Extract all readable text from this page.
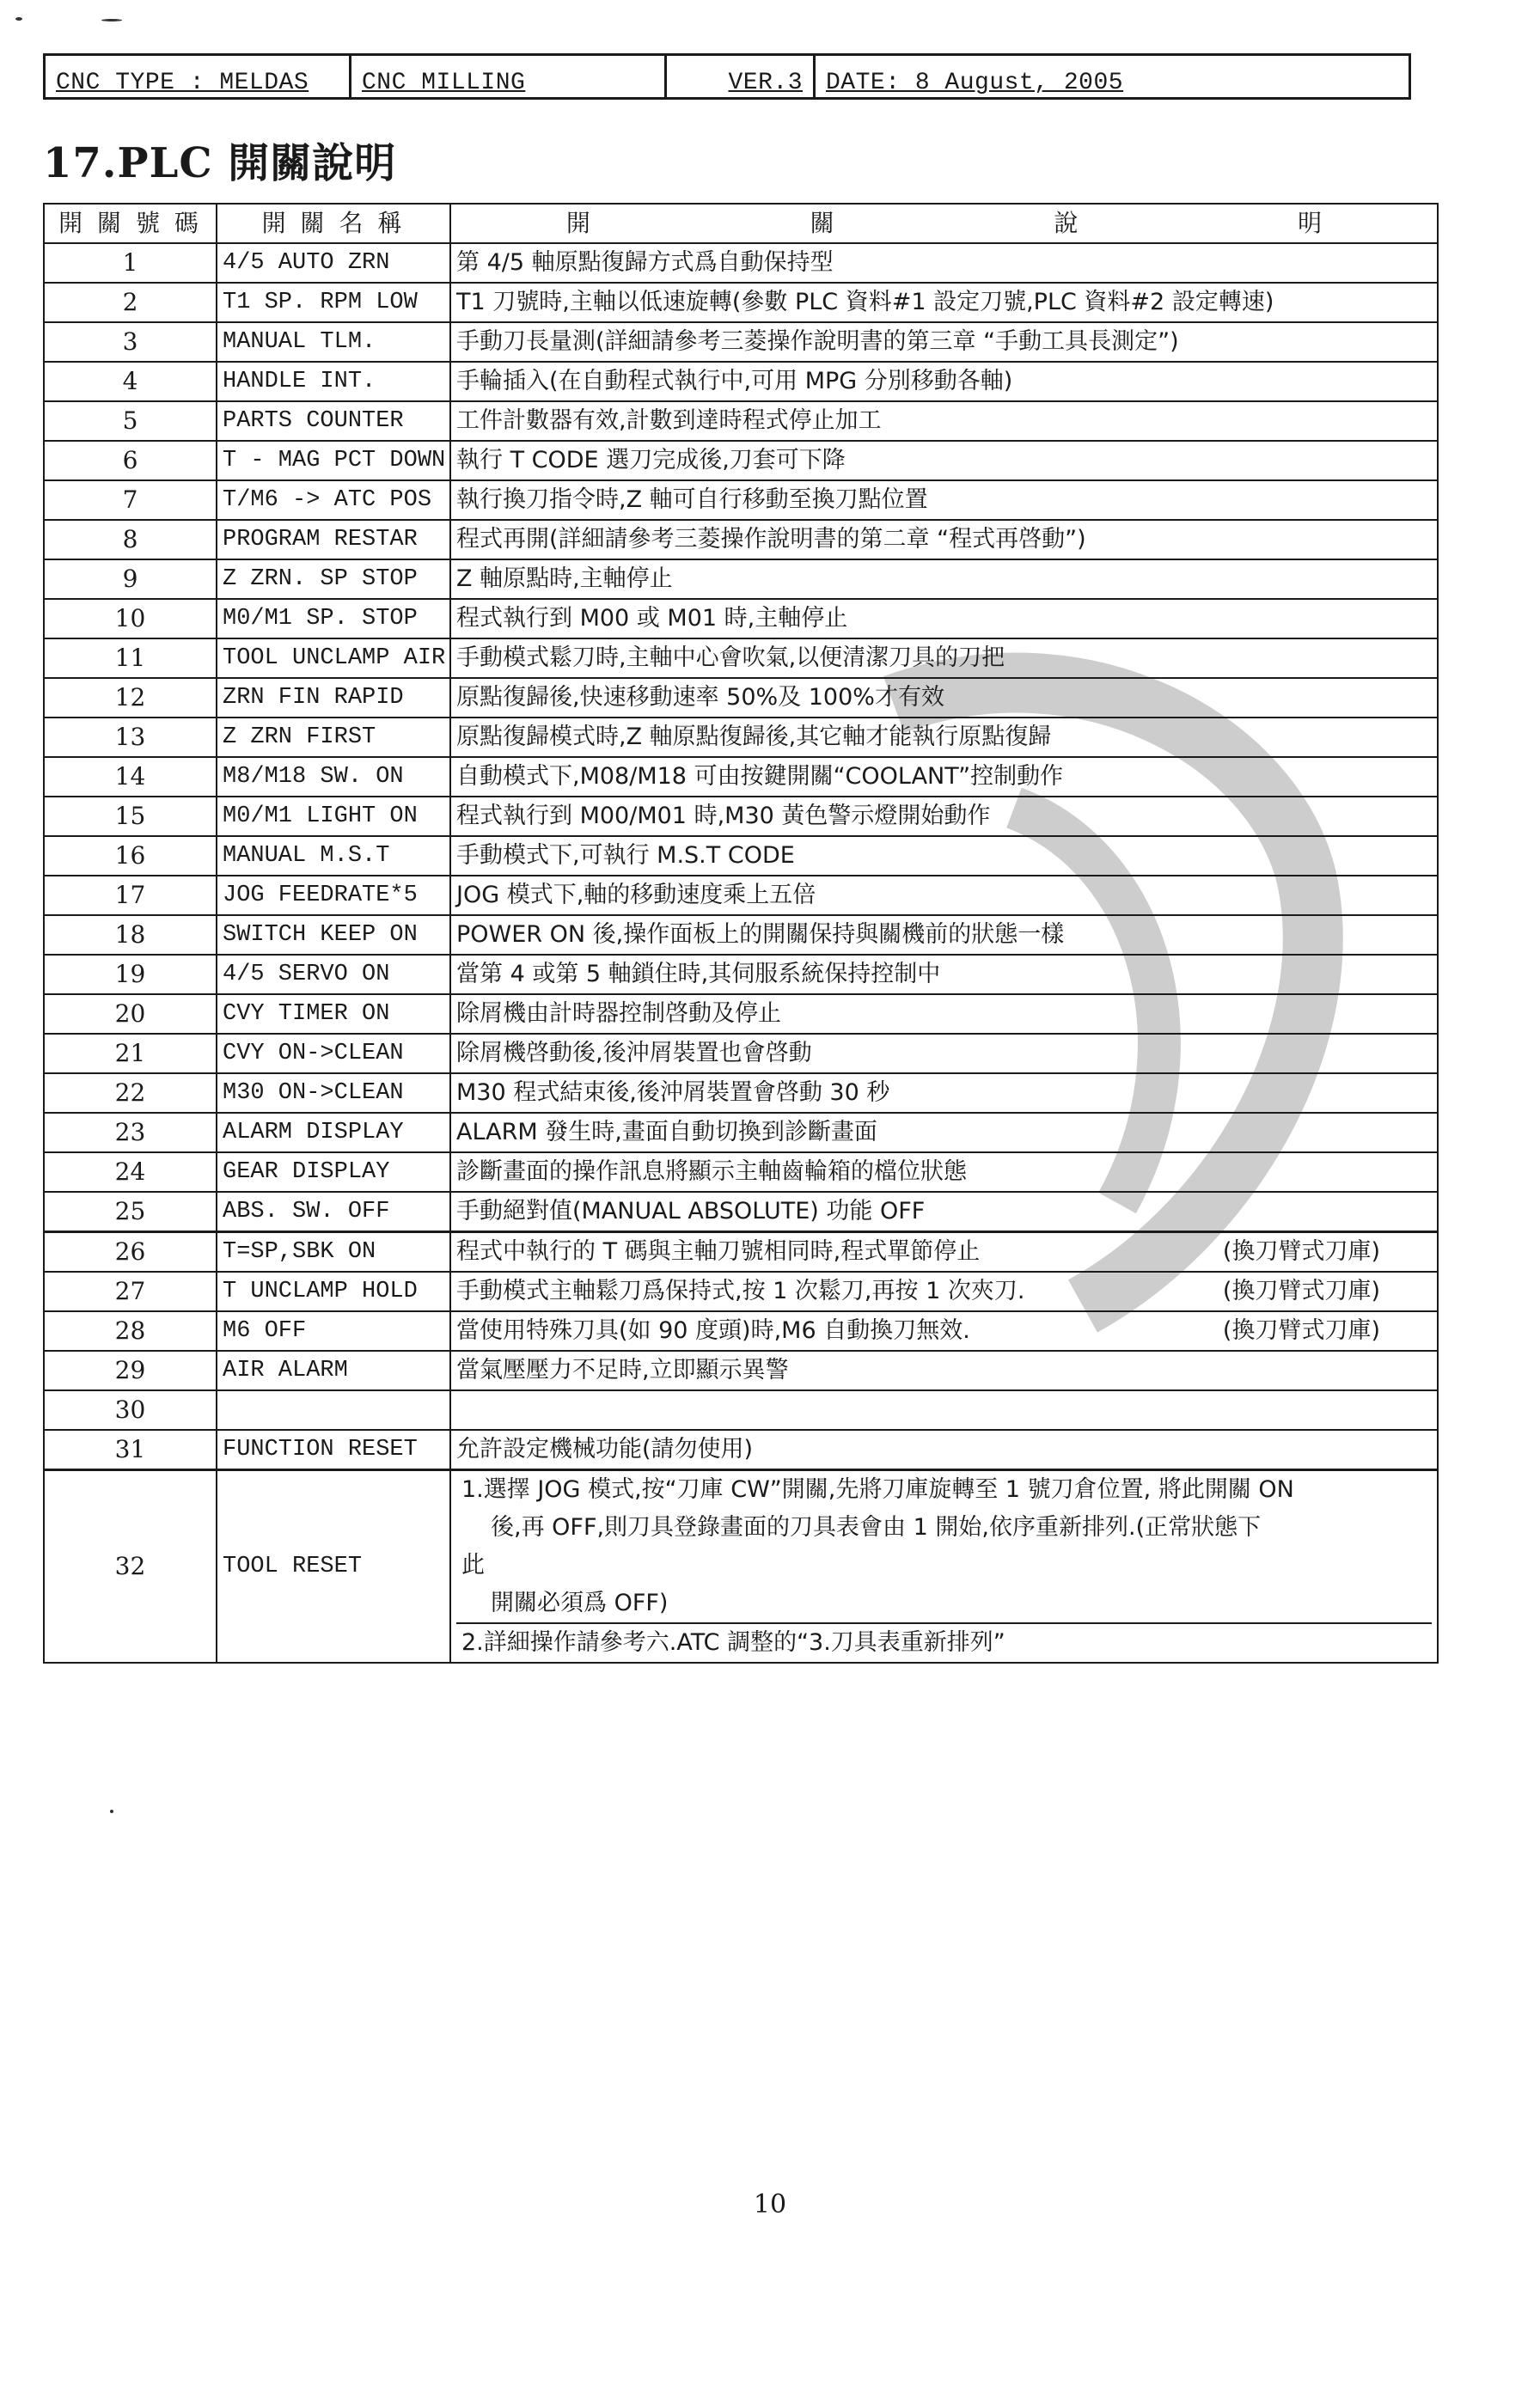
CNC TYPE : MELDAS CNC MILLING	VER.3 DATE: 8 August, 2005
17.PLC 開關說明
開 關 號 碼	開 關 名 稱	開 關 說 明

1	4/5 AUTO ZRN	第 4/5 軸原點復歸方式爲自動保持型
2	T1 SP. RPM LOW	T1 刀號時,主軸以低速旋轉(參數 PLC 資料#1 設定刀號,PLC 資料#2 設定轉速)
3	MANUAL TLM.	手動刀長量測(詳細請參考三菱操作說明書的第三章 “手動工具長測定”)
4	HANDLE INT.	手輪插入(在自動程式執行中,可用 MPG 分別移動各軸)
5	PARTS COUNTER	工件計數器有效,計數到達時程式停止加工
6	T - MAG PCT DOWN	執行 T CODE 選刀完成後,刀套可下降
7	T/M6 -> ATC POS	執行換刀指令時,Z 軸可自行移動至換刀點位置
8	PROGRAM RESTAR	程式再開(詳細請參考三菱操作說明書的第二章 “程式再啓動”)
9	Z ZRN. SP STOP	Z 軸原點時,主軸停止
10	M0/M1 SP. STOP	程式執行到 M00 或 M01 時,主軸停止
11	TOOL UNCLAMP AIR	手動模式鬆刀時,主軸中心會吹氣,以便清潔刀具的刀把
12	ZRN FIN RAPID	原點復歸後,快速移動速率 50%及 100%才有效
13	Z ZRN FIRST	原點復歸模式時,Z 軸原點復歸後,其它軸才能執行原點復歸
14	M8/M18 SW. ON	自動模式下,M08/M18 可由按鍵開關“COOLANT”控制動作
15	M0/M1 LIGHT ON	程式執行到 M00/M01 時,M30 黃色警示燈開始動作
16	MANUAL M.S.T	手動模式下,可執行 M.S.T CODE
17	JOG FEEDRATE*5	JOG 模式下,軸的移動速度乘上五倍
18	SWITCH KEEP ON	POWER ON 後,操作面板上的開關保持與關機前的狀態一樣
19	4/5 SERVO ON	當第 4 或第 5 軸鎖住時,其伺服系統保持控制中
20	CVY TIMER ON	除屑機由計時器控制啓動及停止
21	CVY ON->CLEAN	除屑機啓動後,後沖屑裝置也會啓動
22	M30 ON->CLEAN	M30 程式結束後,後沖屑裝置會啓動 30 秒
23	ALARM DISPLAY	ALARM 發生時,畫面自動切換到診斷畫面
24	GEAR DISPLAY	診斷畫面的操作訊息將顯示主軸齒輪箱的檔位狀態
25	ABS. SW. OFF	手動絕對值(MANUAL ABSOLUTE) 功能 OFF
26	T=SP,SBK ON	程式中執行的 T 碼與主軸刀號相同時,程式單節停止 (換刀臂式刀庫)

27	T UNCLAMP HOLD	手動模式主軸鬆刀爲保持式,按 1 次鬆刀,再按 1 次夾刀. (換刀臂式刀庫)

28	M6 OFF	當使用特殊刀具(如 90 度頭)時,M6 自動換刀無效. (換刀臂式刀庫)

29	AIR ALARM	當氣壓壓力不足時,立即顯示異警
30		
31	FUNCTION RESET	允許設定機械功能(請勿使用)
32	TOOL RESET	1.選擇 JOG 模式,按“刀庫 CW”開關,先將刀庫旋轉至 1 號刀倉位置, 將此開關 ON
後,再 OFF,則刀具登錄畫面的刀具表會由 1 開始,依序重新排列.(正常狀態下
此
開關必須爲 OFF)
2.詳細操作請參考六.ATC 調整的“3.刀具表重新排列”
10
